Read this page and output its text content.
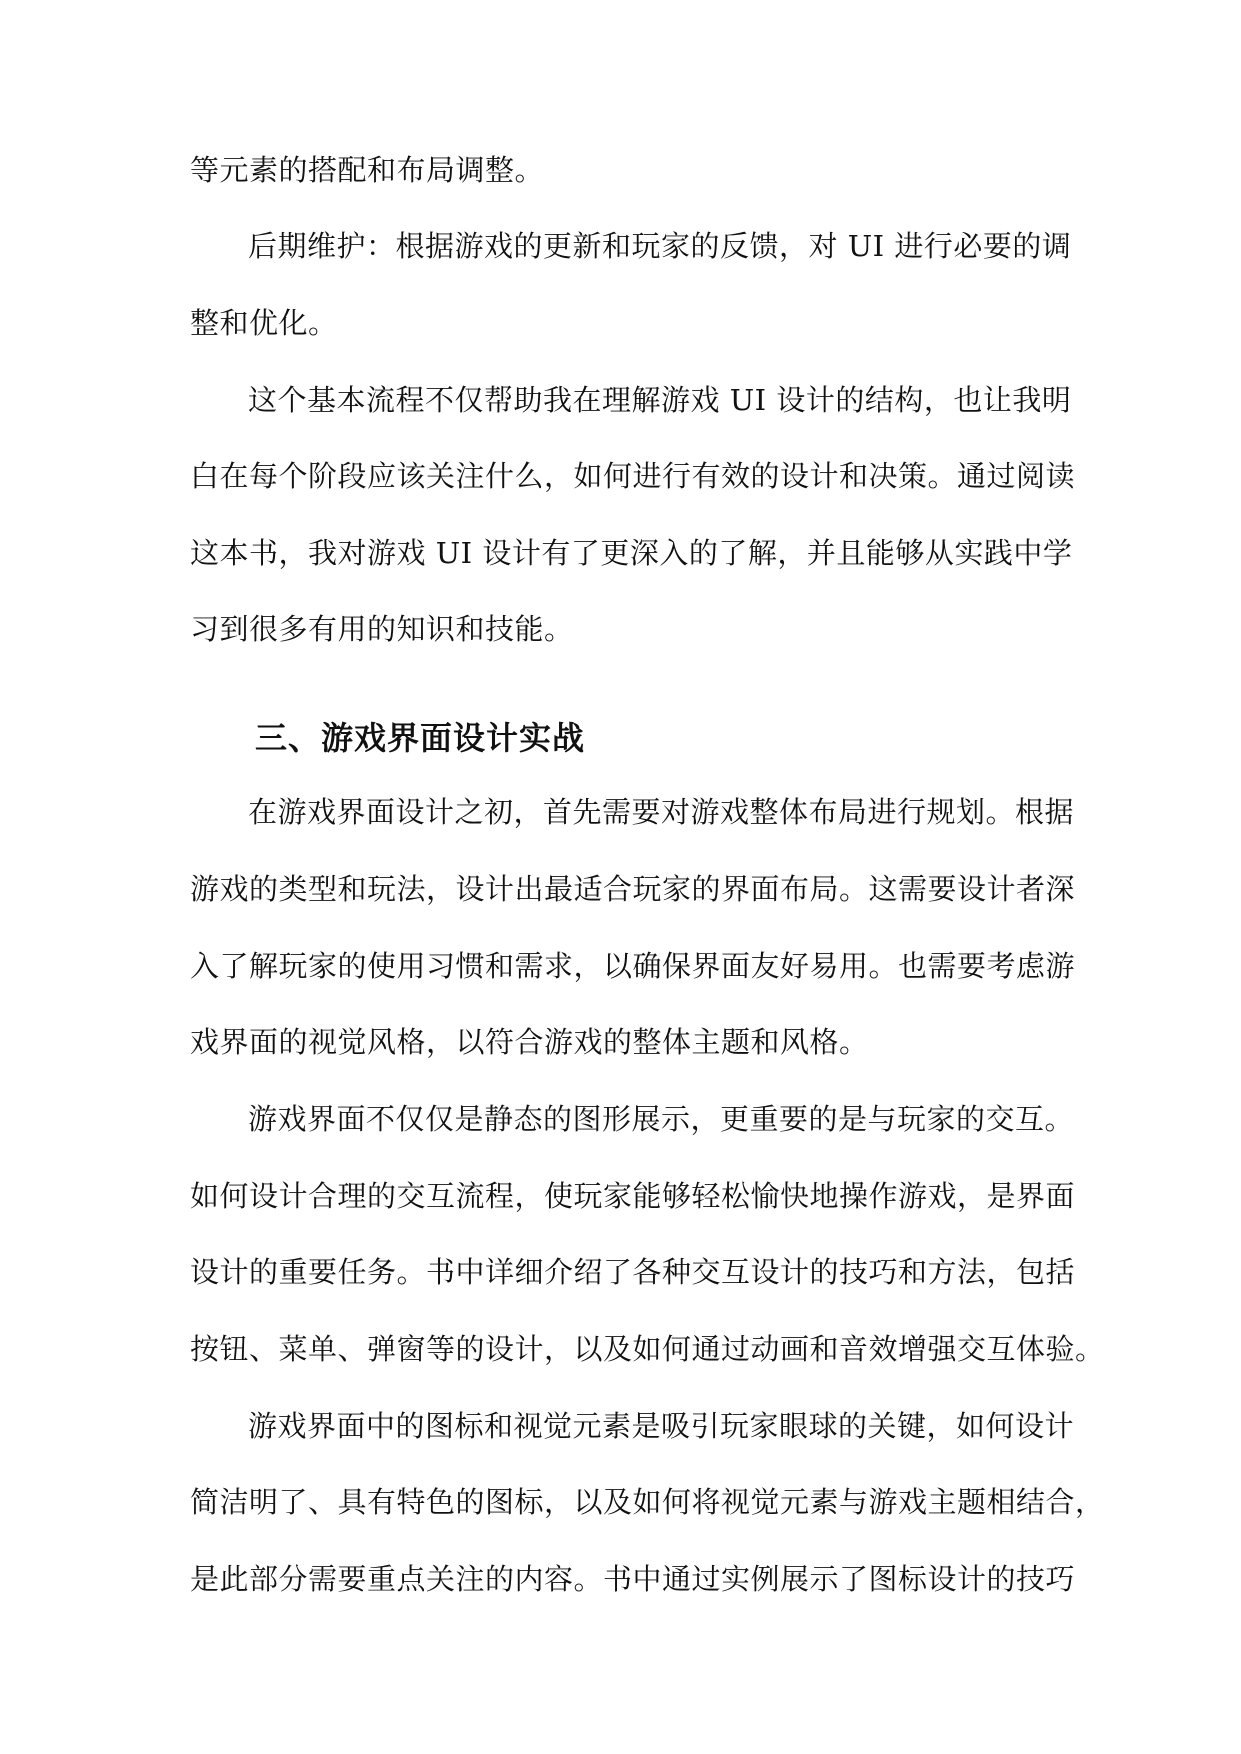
等元素的搭配和布局调整。
后期维护：根据游戏的更新和玩家的反馈，对 UI 进行必要的调
整和优化。
这个基本流程不仅帮助我在理解游戏 UI 设计的结构，也让我明
白在每个阶段应该关注什么，如何进行有效的设计和决策。通过阅读
这本书，我对游戏 UI 设计有了更深入的了解，并且能够从实践中学
习到很多有用的知识和技能。
三、游戏界面设计实战
在游戏界面设计之初，首先需要对游戏整体布局进行规划。根据
游戏的类型和玩法，设计出最适合玩家的界面布局。这需要设计者深
入了解玩家的使用习惯和需求，以确保界面友好易用。也需要考虑游
戏界面的视觉风格，以符合游戏的整体主题和风格。
游戏界面不仅仅是静态的图形展示，更重要的是与玩家的交互。
如何设计合理的交互流程，使玩家能够轻松愉快地操作游戏，是界面
设计的重要任务。书中详细介绍了各种交互设计的技巧和方法，包括
按钮、菜单、弹窗等的设计，以及如何通过动画和音效增强交互体验。
游戏界面中的图标和视觉元素是吸引玩家眼球的关键，如何设计
简洁明了、具有特色的图标，以及如何将视觉元素与游戏主题相结合，
是此部分需要重点关注的内容。书中通过实例展示了图标设计的技巧
